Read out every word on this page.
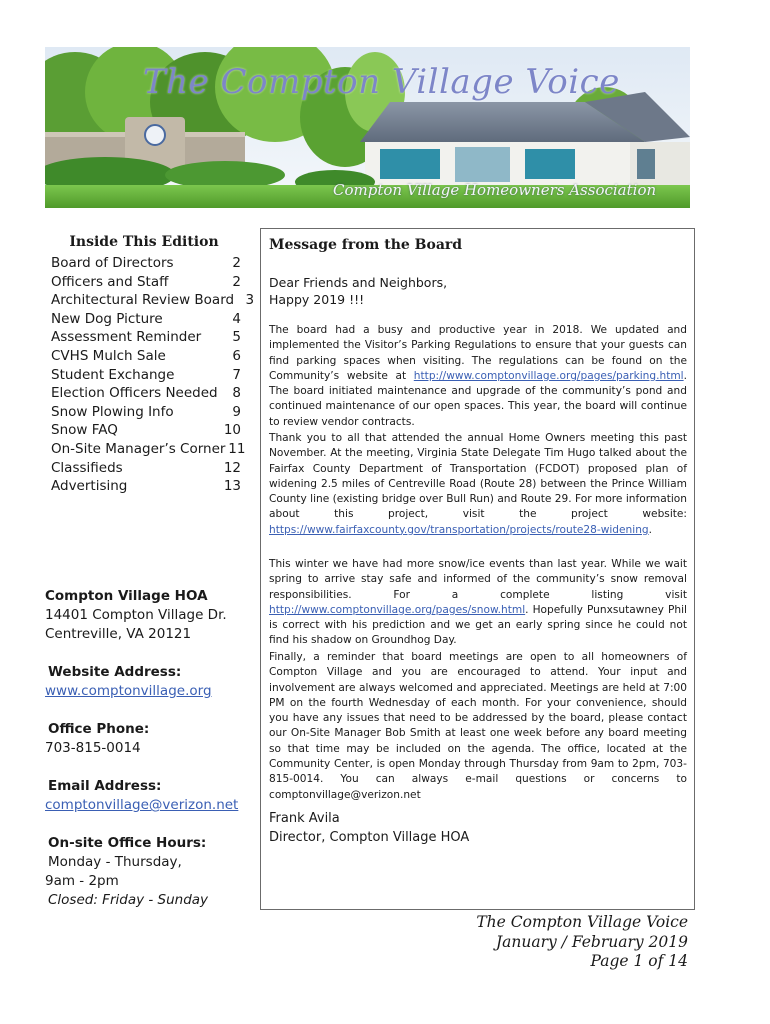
The Compton Village Voice
Compton Village Homeowners Association
Inside This Edition
Board of Directors	2
Officers and Staff	2
Architectural Review Board 3
New Dog Picture	4
Assessment Reminder	5
CVHS Mulch Sale	6
Student Exchange	7
Election Officers Needed	8
Snow Plowing Info	9
Snow FAQ	10
On-Site Manager’s Corner 11
Classifieds	12
Advertising	13
Compton Village HOA
14401 Compton Village Dr.
Centreville, VA 20121
Website Address:
www.comptonvillage.org
Office Phone:
703-815-0014
Email Address:
comptonvillage@verizon.net
On-site Office Hours:
Monday - Thursday,
9am - 2pm
Closed: Friday - Sunday
Message from the Board
Dear Friends and Neighbors,
Happy 2019 !!!
The board had a busy and productive year in 2018. We updated and implemented the Visitor’s Parking Regulations to ensure that your guests can find parking spaces when visiting. The regulations can be found on the Community’s website at http://www.comptonvillage.org/pages/parking.html. The board initiated maintenance and upgrade of the community’s pond and continued maintenance of our open spaces. This year, the board will continue to review vendor contracts.
Thank you to all that attended the annual Home Owners meeting this past November. At the meeting, Virginia State Delegate Tim Hugo talked about the Fairfax County Department of Transportation (FCDOT) proposed plan of widening 2.5 miles of Centreville Road (Route 28) between the Prince William County line (existing bridge over Bull Run) and Route 29. For more information about this project, visit the project website: https://www.fairfaxcounty.gov/transportation/projects/route28-widening.
This winter we have had more snow/ice events than last year. While we wait spring to arrive stay safe and informed of the community’s snow removal responsibilities. For a complete listing visit http://www.comptonvillage.org/pages/snow.html. Hopefully Punxsutawney Phil is correct with his prediction and we get an early spring since he could not find his shadow on Groundhog Day.
Finally, a reminder that board meetings are open to all homeowners of Compton Village and you are encouraged to attend. Your input and involvement are always welcomed and appreciated. Meetings are held at 7:00 PM on the fourth Wednesday of each month. For your convenience, should you have any issues that need to be addressed by the board, please contact our On-Site Manager Bob Smith at least one week before any board meeting so that time may be included on the agenda. The office, located at the Community Center, is open Monday through Thursday from 9am to 2pm, 703-815-0014. You can always e-mail questions or concerns to comptonvillage@verizon.net
Frank Avila
Director, Compton Village HOA
The Compton Village Voice
January / February 2019
Page 1 of 14
